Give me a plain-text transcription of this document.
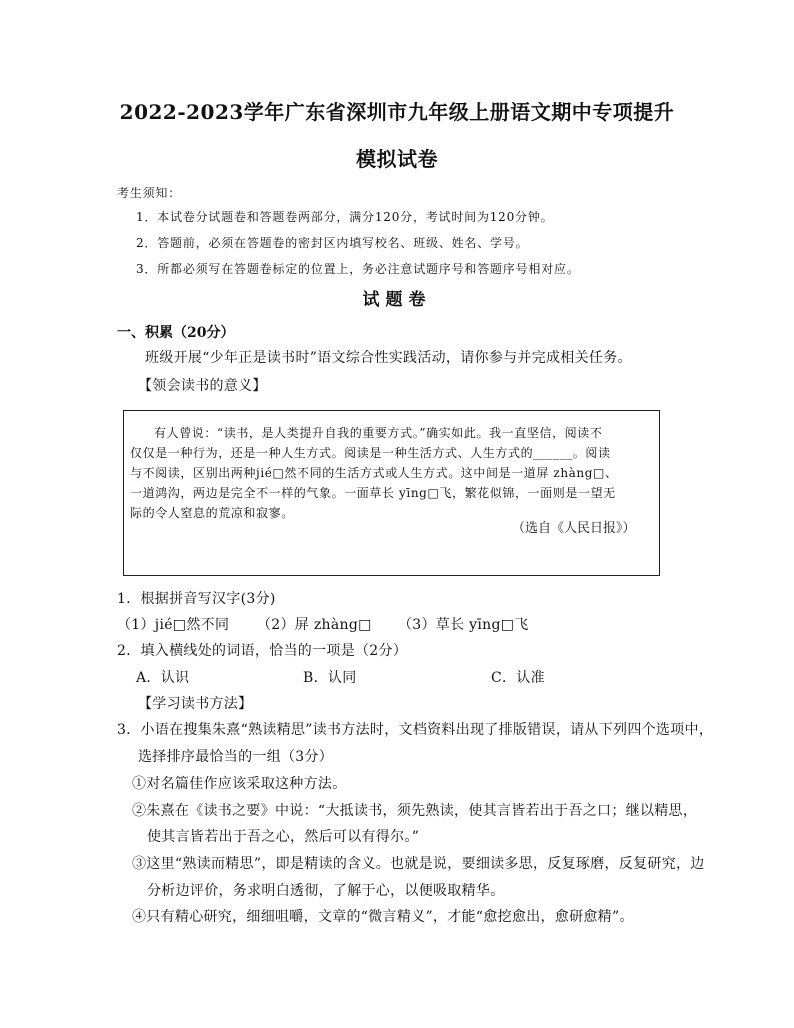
2022-2023学年广东省深圳市九年级上册语文期中专项提升
模拟试卷
考生须知：
1．本试卷分试题卷和答题卷两部分，满分120分，考试时间为120分钟。
2．答题前，必须在答题卷的密封区内填写校名、班级、姓名、学号。
3．所都必须写在答题卷标定的位置上，务必注意试题序号和答题序号相对应。
试题卷
一、积累（20分）
班级开展“少年正是读书时”语文综合性实践活动，请你参与并完成相关任务。
【领会读书的意义】
有人曾说：“读书，是人类提升自我的重要方式。”确实如此。我一直坚信，阅读不
仅仅是一种行为，还是一种人生方式。阅读是一种生活方式、人生方式的______。阅读
与不阅读，区别出两种jié□然不同的生活方式或人生方式。这中间是一道屏 zhàng□、
一道鸿沟，两边是完全不一样的气象。一面草长 yīng□飞，繁花似锦，一面则是一望无
际的令人窒息的荒凉和寂寥。
（选自《人民日报》）
1．根据拼音写汉字(3分)
（1）jié□然不同 （2）屏 zhàng□ （3）草长 yīng□飞
2．填入横线处的词语，恰当的一项是（2分）
A．认识	B．认同	C．认准
【学习读书方法】
3．小语在搜集朱熹“熟读精思”读书方法时，文档资料出现了排版错误，请从下列四个选项中，
选择排序最恰当的一组（3分）
①对名篇佳作应该采取这种方法。
②朱熹在《读书之要》中说：“大抵读书，须先熟读，使其言皆若出于吾之口；继以精思，
使其言皆若出于吾之心，然后可以有得尔。”
③这里“熟读而精思”，即是精读的含义。也就是说，要细读多思，反复琢磨，反复研究，边
分析边评价，务求明白透彻，了解于心，以便吸取精华。
④只有精心研究，细细咀嚼，文章的“微言精义”，才能“愈挖愈出，愈研愈精”。
